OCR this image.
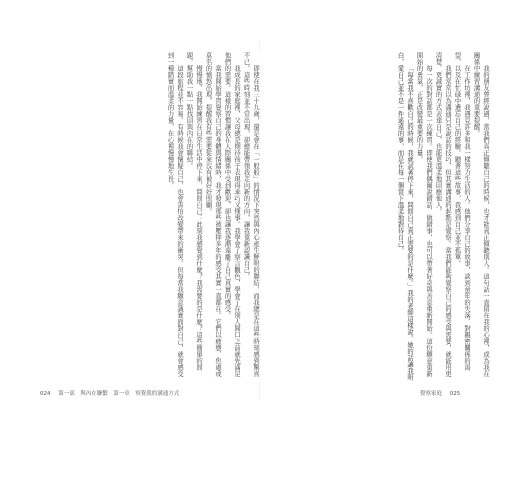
即使在我三十九歲，還是會在「一般般」的情況下突然與內心產生鮮明的聯結，而我總是在這些時刻感到驚喜不已。這些時刻並不常出現，卻總能帶領我走向新的方向，讓我重新認識自己。

我成長的家庭裡，父母總是期待孩子表現得乖巧又懂事。我學會了察言觀色，學會了在別人開口之前就先滿足他們的需要。這樣的習慣讓我在人際關係中受到歡迎，卻也讓我逐漸遠離了自己真實的感受。

當我開始學習覺察自己的身體與情緒時，我才發現那些被壓抑多年的感受其實一直都在。它們以疲憊、焦慮或莫名的憤怒出現，提醒我有些需要從來沒有被好好照顧。

慢慢地，我開始練習在日常生活中停下來，問問自己：此刻我感覺到什麼？我需要的是什麼？這些簡單的問題，幫助我一點一點找回與內在的聯結。

這段旅程並不容易。有時候我會懷疑自己，也會害怕改變帶來的衝突。但每當我願意誠實面對自己，就會感受到一種踏實而溫柔的力量，在心裡慢慢地生長。	我的朋友曾經說過，當我們真正傾聽自己的時候，也才能真正傾聽別人。這句話一直留在我的心裡，成為我在關係中練習溝通的重要提醒。

在工作坊裡，我遇見許多和我一樣努力生活的人。他們分享自己的故事，談到童年的失落、對親密關係的渴望，以及在忙碌中遺忘自己的經驗。聽著這些故事，我感到自己並不孤單。

我們常常以為溝通只是說話的技巧，但其實溝通的起點是覺察。當我們能夠覺察自己的感受與需要，就能用更清楚、更誠實的方式表達自己，也能更溫柔地回應他人。

每一次的對話都是一次練習。即使我們偶爾說錯話、做錯事，也可以帶著好奇與善意重新開始。這份願意重新開始的勇氣，正是改變最重要的力量。

「每當我不喜歡自己的時候，我就試著停下來，問問自己真正需要的是什麼。」我的老師這樣說。她的話讓我明白，愛自己並不是一件遙遠的事，而是在每一個當下溫柔地對待自己。

024 第一部　與內在聯繫　第一章　察覺我的溝通方式	覺察家庭 025
